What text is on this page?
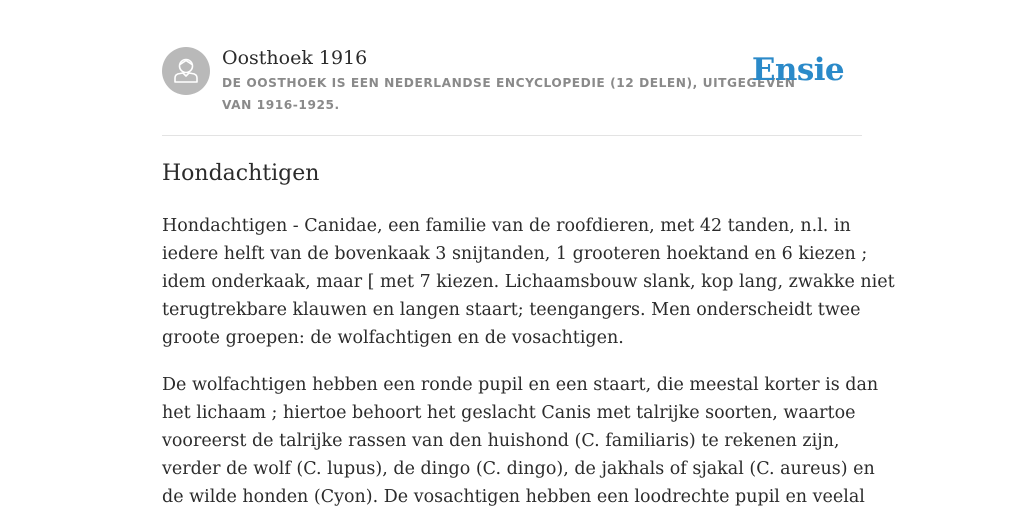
Oosthoek 1916
DE OOSTHOEK IS EEN NEDERLANDSE ENCYCLOPEDIE (12 DELEN), UITGEGEVEN
VAN 1916-1925.
Ensie
Hondachtigen

Hondachtigen - Canidae, een familie van de roofdieren, met 42 tanden, n.l. in
iedere helft van de bovenkaak 3 snijtanden, 1 grooteren hoektand en 6 kiezen ;
idem onderkaak, maar [ met 7 kiezen. Lichaamsbouw slank, kop lang, zwakke niet
terugtrekbare klauwen en langen staart; teengangers. Men onderscheidt twee
groote groepen: de wolfachtigen en de vosachtigen.

De wolfachtigen hebben een ronde pupil en een staart, die meestal korter is dan
het lichaam ; hiertoe behoort het geslacht Canis met talrijke soorten, waartoe
vooreerst de talrijke rassen van den huishond (C. familiaris) te rekenen zijn,
verder de wolf (C. lupus), de dingo (C. dingo), de jakhals of sjakal (C. aureus) en
de wilde honden (Cyon). De vosachtigen hebben een loodrechte pupil en veelal
